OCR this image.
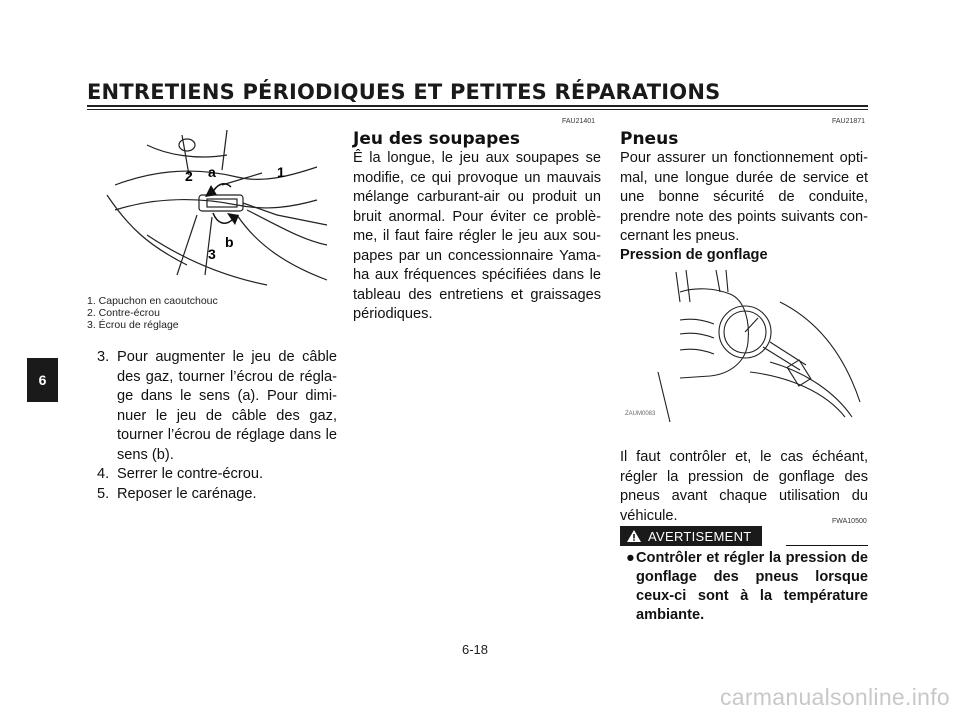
ENTRETIENS PÉRIODIQUES ET PETITES RÉPARATIONS
6
a
2	1
b
3
1. Capuchon en caoutchouc
2. Contre-écrou
3. Écrou de réglage
3. Pour augmenter le jeu de câble des gaz, tourner l’écrou de régla-ge dans le sens (a). Pour dimi-nuer le jeu de câble des gaz, tourner l’écrou de réglage dans le sens (b).
4. Serrer le contre-écrou.
5. Reposer le carénage.
FAU21401
Jeu des soupapes
Ê la longue, le jeu aux soupapes se modifie, ce qui provoque un mauvais mélange carburant-air ou produit un bruit anormal. Pour éviter ce problè-me, il faut faire régler le jeu aux sou-papes par un concessionnaire Yama-ha aux fréquences spécifiées dans le tableau des entretiens et graissages périodiques.
FAU21871
Pneus
Pour assurer un fonctionnement opti-mal, une longue durée de service et une bonne sécurité de conduite, prendre note des points suivants con-cernant les pneus.
Pression de gonflage
ZAUM0083
Il faut contrôler et, le cas échéant, régler la pression de gonflage des pneus avant chaque utilisation du véhicule.	FWA10500
AVERTISEMENT
● Contrôler et régler la pression de gonflage des pneus lorsque ceux-ci sont à la température ambiante.
6-18
carmanualsonline.info
